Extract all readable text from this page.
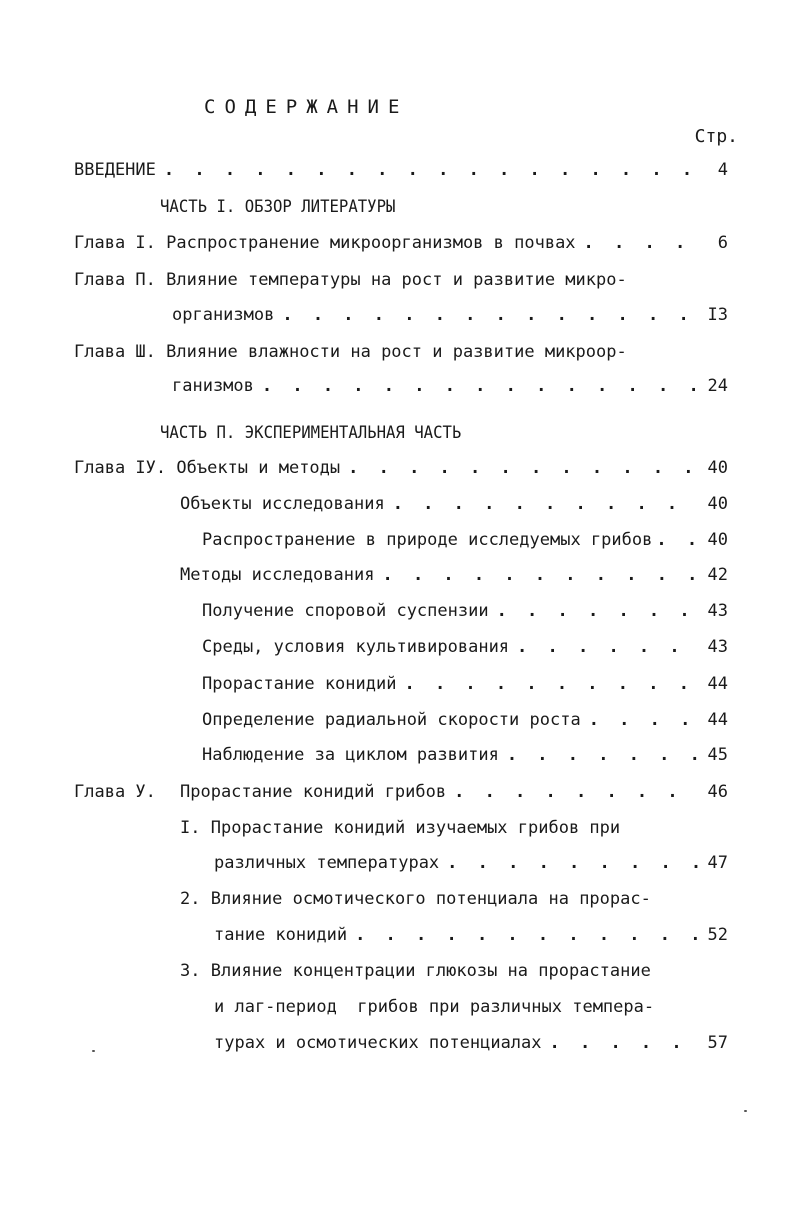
СОДЕРЖАНИЕ
Стр.
ВВЕДЕНИЕ . . .	4
ЧАСТЬ I. ОБЗОР ЛИТЕРАТУРЫ
Глава I. Распространение микроорганизмов в почвах . . .	6
Глава П. Влияние температуры на рост и развитие микро-
организмов . . .	I3
Глава Ш. Влияние влажности на рост и развитие микроор-
ганизмов . . .	24
ЧАСТЬ П. ЭКСПЕРИМЕНТАЛЬНАЯ ЧАСТЬ
Глава IУ. Объекты и методы . . .	40
Объекты исследования . . .	40
Распространение в природе исследуемых грибов . . .	40
Методы исследования . . .	42
Получение споровой суспензии . . .	43
Среды, условия культивирования . . .	43
Прорастание конидий . . .	44
Определение радиальной скорости роста . . .	44
Наблюдение за циклом развития . . .	45
Глава У. Прорастание конидий грибов . . .	46
I. Прорастание конидий изучаемых грибов при
различных температурах . . .	47
2. Влияние осмотического потенциала на прорас-
тание конидий . . .	52
3. Влияние концентрации глюкозы на прорастание
и лаг-период  грибов при различных темпера-
турах и осмотических потенциалах . . .	57
